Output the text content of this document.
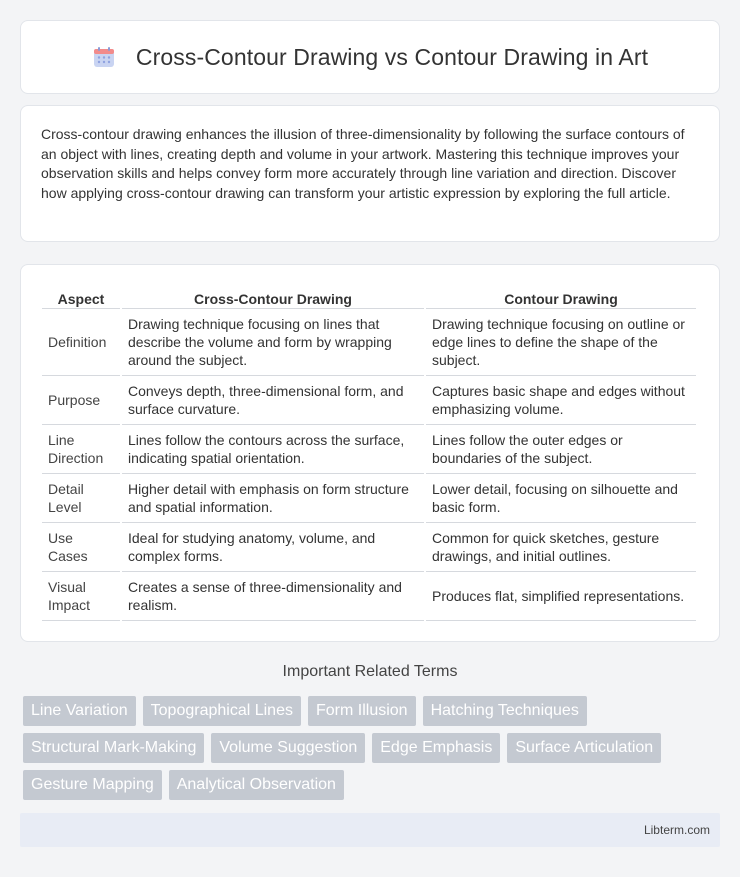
Cross-Contour Drawing vs Contour Drawing in Art

Cross-contour drawing enhances the illusion of three-dimensionality by following the surface contours of an object with lines, creating depth and volume in your artwork. Mastering this technique improves your observation skills and helps convey form more accurately through line variation and direction. Discover how applying cross-contour drawing can transform your artistic expression by exploring the full article.

Aspect	Cross-Contour Drawing	Contour Drawing
Definition	Drawing technique focusing on lines that describe the volume and form by wrapping around the subject.	Drawing technique focusing on outline or edge lines to define the shape of the subject.
Purpose	Conveys depth, three-dimensional form, and surface curvature.	Captures basic shape and edges without emphasizing volume.
Line Direction	Lines follow the contours across the surface, indicating spatial orientation.	Lines follow the outer edges or boundaries of the subject.
Detail Level	Higher detail with emphasis on form structure and spatial information.	Lower detail, focusing on silhouette and basic form.
Use Cases	Ideal for studying anatomy, volume, and complex forms.	Common for quick sketches, gesture drawings, and initial outlines.
Visual Impact	Creates a sense of three-dimensionality and realism.	Produces flat, simplified representations.
Important Related Terms
Line Variation	Topographical Lines	Form Illusion	Hatching Techniques
Structural Mark-Making	Volume Suggestion	Edge Emphasis	Surface Articulation
Gesture Mapping	Analytical Observation
Libterm.com
